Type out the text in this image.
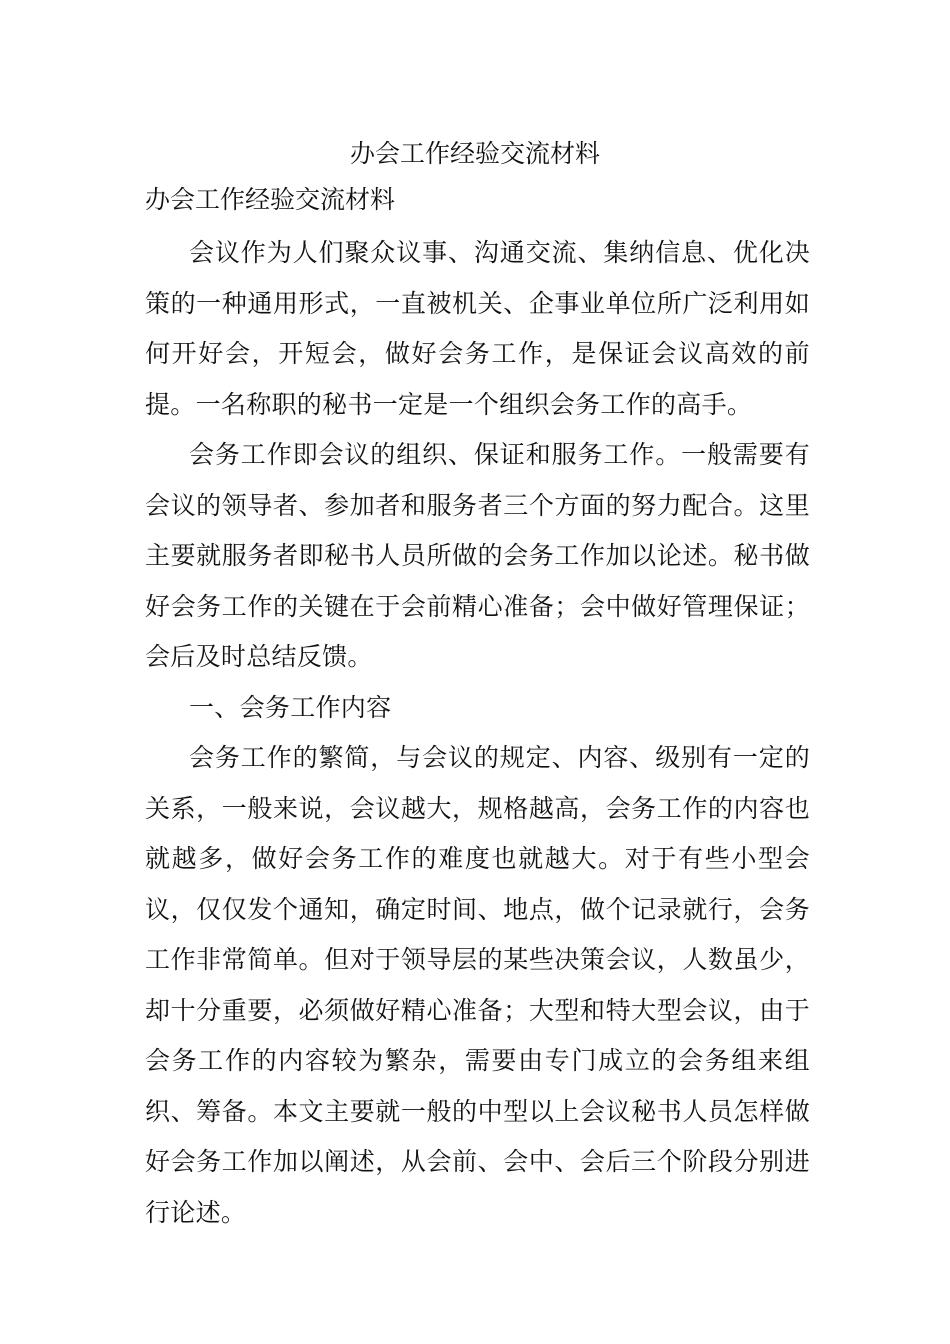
办会工作经验交流材料
办会工作经验交流材料

会议作为人们聚众议事、沟通交流、集纳信息、优化决策的一种通用形式，一直被机关、企事业单位所广泛利用如何开好会，开短会，做好会务工作，是保证会议高效的前提。一名称职的秘书一定是一个组织会务工作的高手。

会务工作即会议的组织、保证和服务工作。一般需要有会议的领导者、参加者和服务者三个方面的努力配合。这里主要就服务者即秘书人员所做的会务工作加以论述。秘书做好会务工作的关键在于会前精心准备；会中做好管理保证；会后及时总结反馈。

一、会务工作内容

会务工作的繁简，与会议的规定、内容、级别有一定的关系，一般来说，会议越大，规格越高，会务工作的内容也就越多，做好会务工作的难度也就越大。对于有些小型会议，仅仅发个通知，确定时间、地点，做个记录就行，会务工作非常简单。但对于领导层的某些决策会议，人数虽少，却十分重要，必须做好精心准备；大型和特大型会议，由于会务工作的内容较为繁杂，需要由专门成立的会务组来组织、筹备。本文主要就一般的中型以上会议秘书人员怎样做好会务工作加以阐述，从会前、会中、会后三个阶段分别进行论述。
